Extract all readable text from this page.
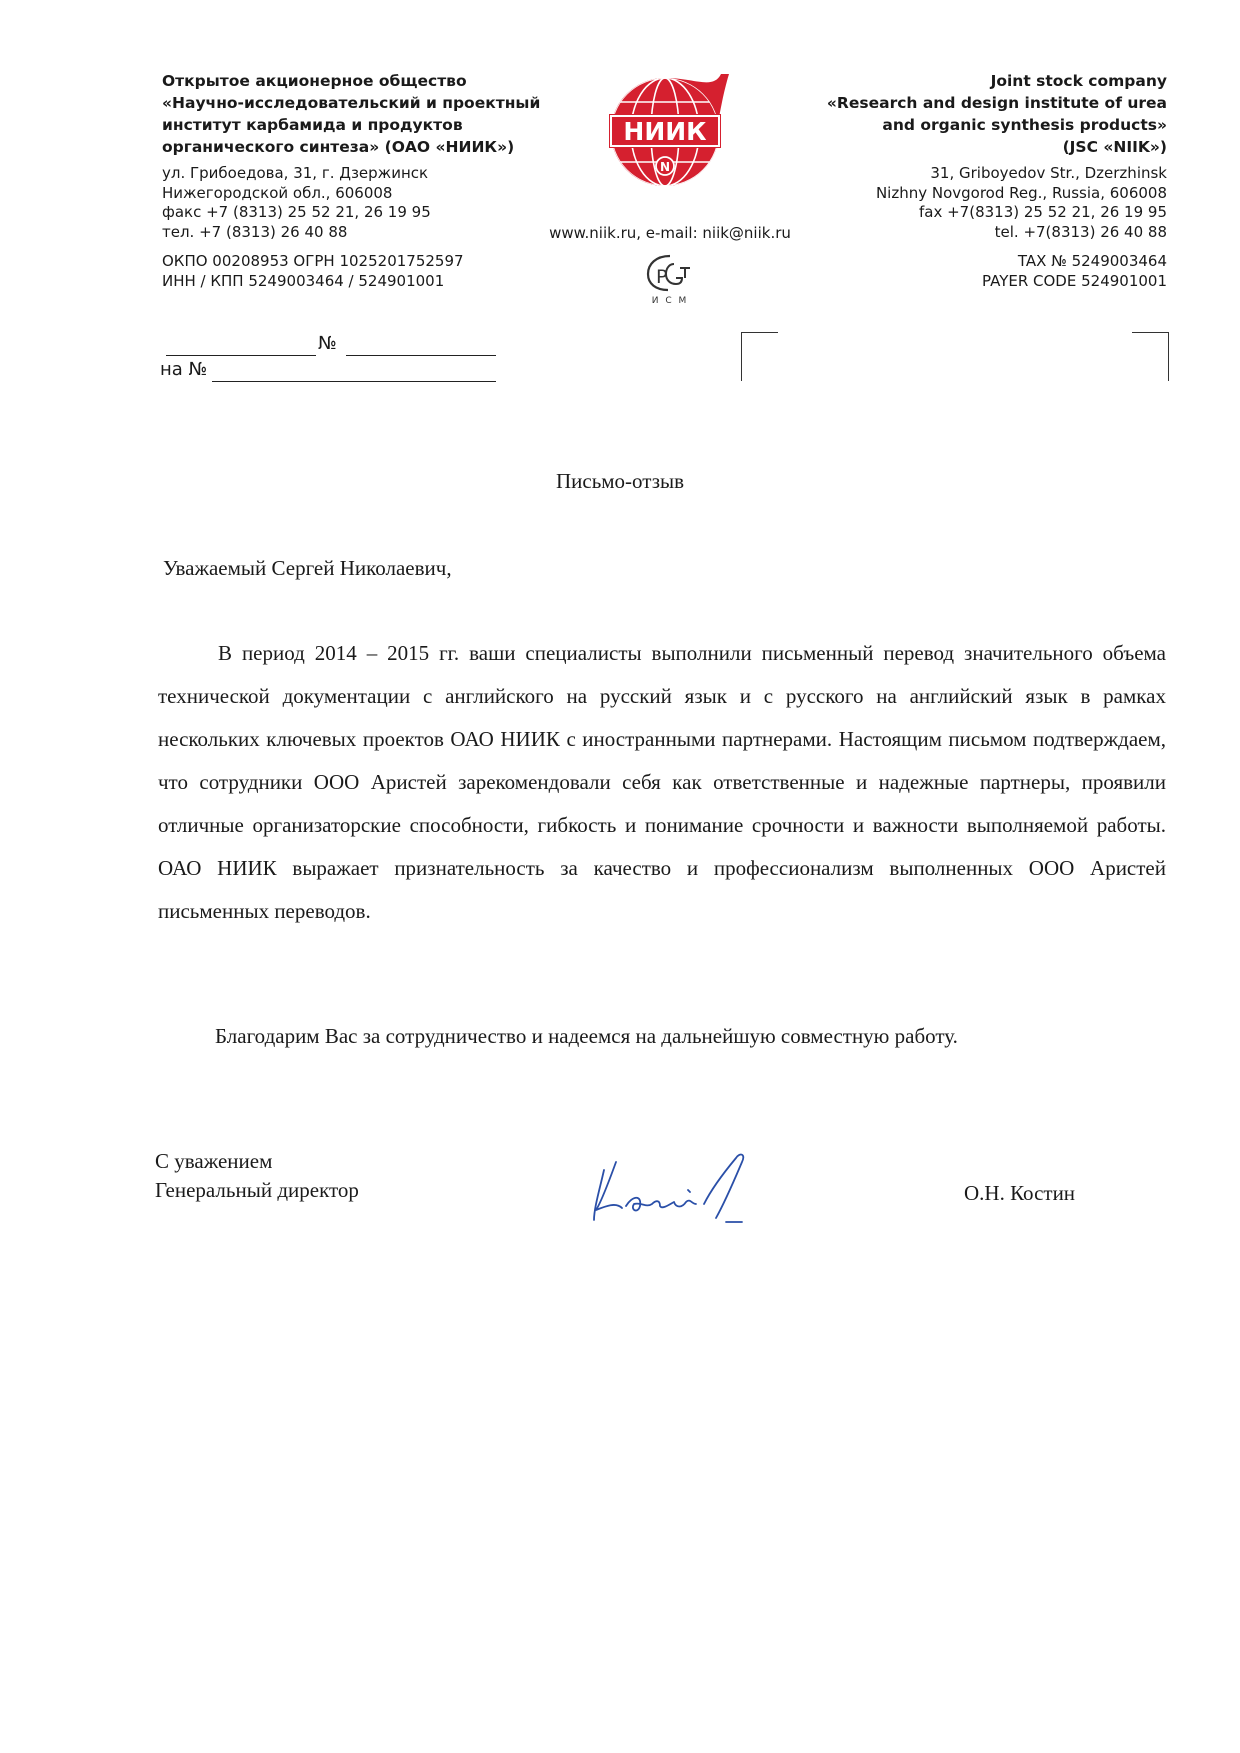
Открытое акционерное общество
«Научно-исследовательский и проектный
институт карбамида и продуктов
органического синтеза» (ОАО «НИИК»)
ул. Грибоедова, 31, г. Дзержинск
Нижегородской обл., 606008
факс +7 (8313) 25 52 21, 26 19 95
тел. +7 (8313) 26 40 88
ОКПО 00208953 ОГРН 1025201752597
ИНН / КПП 5249003464 / 524901001
НИИК
N
www.niik.ru, e-mail: niik@niik.ru
Р
И С М
Joint stock company
«Research and design institute of urea
and organic synthesis products»
(JSC «NIIK»)
31, Griboyedov Str., Dzerzhinsk
Nizhny Novgorod Reg., Russia, 606008
fax +7(8313) 25 52 21, 26 19 95
tel. +7(8313) 26 40 88
TAX № 5249003464
PAYER CODE 524901001
№
на №
Письмо-отзыв
Уважаемый Сергей Николаевич,
В период 2014 – 2015 гг. ваши специалисты выполнили письменный перевод значительного объема технической документации с английского на русский язык и с русского на английский язык в рамках нескольких ключевых проектов ОАО НИИК с иностранными партнерами. Настоящим письмом подтверждаем, что сотрудники ООО Аристей зарекомендовали себя как ответственные и надежные партнеры, проявили отличные организаторские способности, гибкость и понимание срочности и важности выполняемой работы. ОАО НИИК выражает признательность за качество и профессионализм выполненных ООО Аристей письменных переводов.
Благодарим Вас за сотрудничество и надеемся на дальнейшую совместную работу.
С уважением
Генеральный директор	О.Н. Костин
